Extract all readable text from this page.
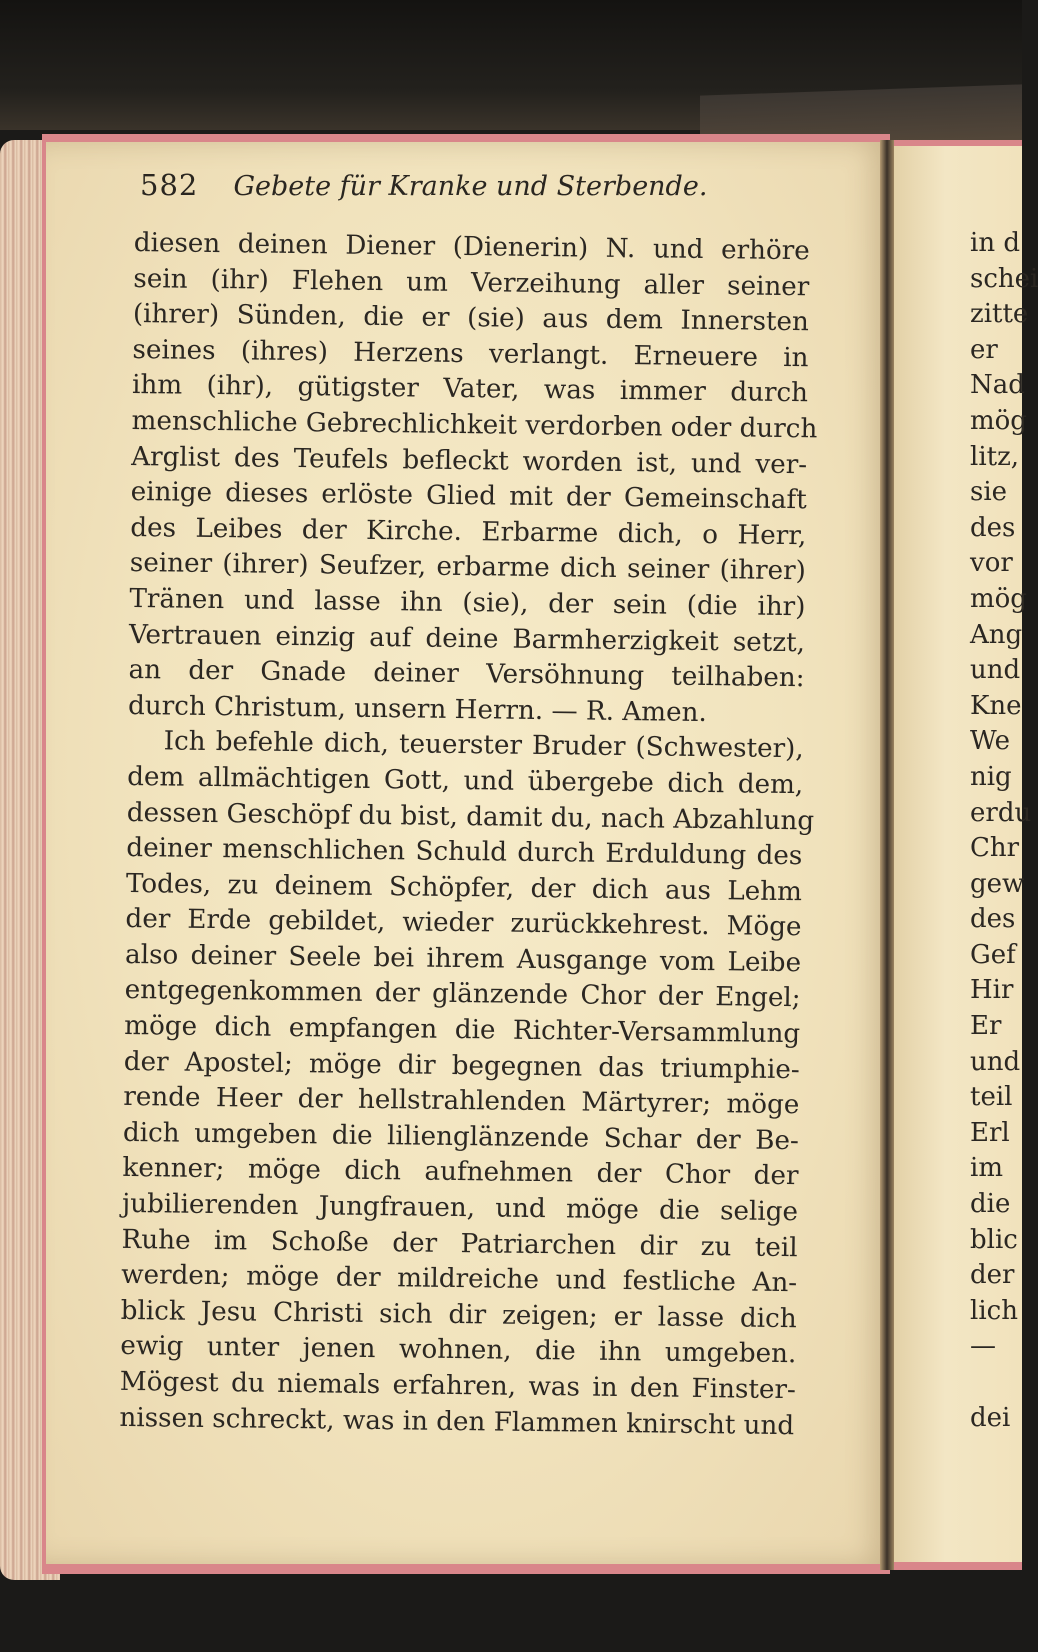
582 Gebete für Kranke und Sterbende.
diesen deinen Diener (Dienerin) N. und erhöre
sein (ihr) Flehen um Verzeihung aller seiner
(ihrer) Sünden, die er (sie) aus dem Innersten
seines (ihres) Herzens verlangt. Erneuere in
ihm (ihr), gütigster Vater, was immer durch
menschliche Gebrechlichkeit verdorben oder durch
Arglist des Teufels befleckt worden ist, und ver-
einige dieses erlöste Glied mit der Gemeinschaft
des Leibes der Kirche. Erbarme dich, o Herr,
seiner (ihrer) Seufzer, erbarme dich seiner (ihrer)
Tränen und lasse ihn (sie), der sein (die ihr)
Vertrauen einzig auf deine Barmherzigkeit setzt,
an der Gnade deiner Versöhnung teilhaben:
durch Christum, unsern Herrn. — R. Amen.
Ich befehle dich, teuerster Bruder (Schwester),
dem allmächtigen Gott, und übergebe dich dem,
dessen Geschöpf du bist, damit du, nach Abzahlung
deiner menschlichen Schuld durch Erduldung des
Todes, zu deinem Schöpfer, der dich aus Lehm
der Erde gebildet, wieder zurückkehrest. Möge
also deiner Seele bei ihrem Ausgange vom Leibe
entgegenkommen der glänzende Chor der Engel;
möge dich empfangen die Richter-Versammlung
der Apostel; möge dir begegnen das triumphie-
rende Heer der hellstrahlenden Märtyrer; möge
dich umgeben die lilienglänzende Schar der Be-
kenner; möge dich aufnehmen der Chor der
jubilierenden Jungfrauen, und möge die selige
Ruhe im Schoße der Patriarchen dir zu teil
werden; möge der mildreiche und festliche An-
blick Jesu Christi sich dir zeigen; er lasse dich
ewig unter jenen wohnen, die ihn umgeben.
Mögest du niemals erfahren, was in den Finster-
nissen schreckt, was in den Flammen knirscht und
in d
schei
zitte
er
Nad
mög
litz,
sie
des
vor
mög
Ang
und
Kne
We
nig
erdu
Chr
gew
des
Gef
Hir
Er
und
teil
Erl
im
die
blic
der
lich
—
dei
